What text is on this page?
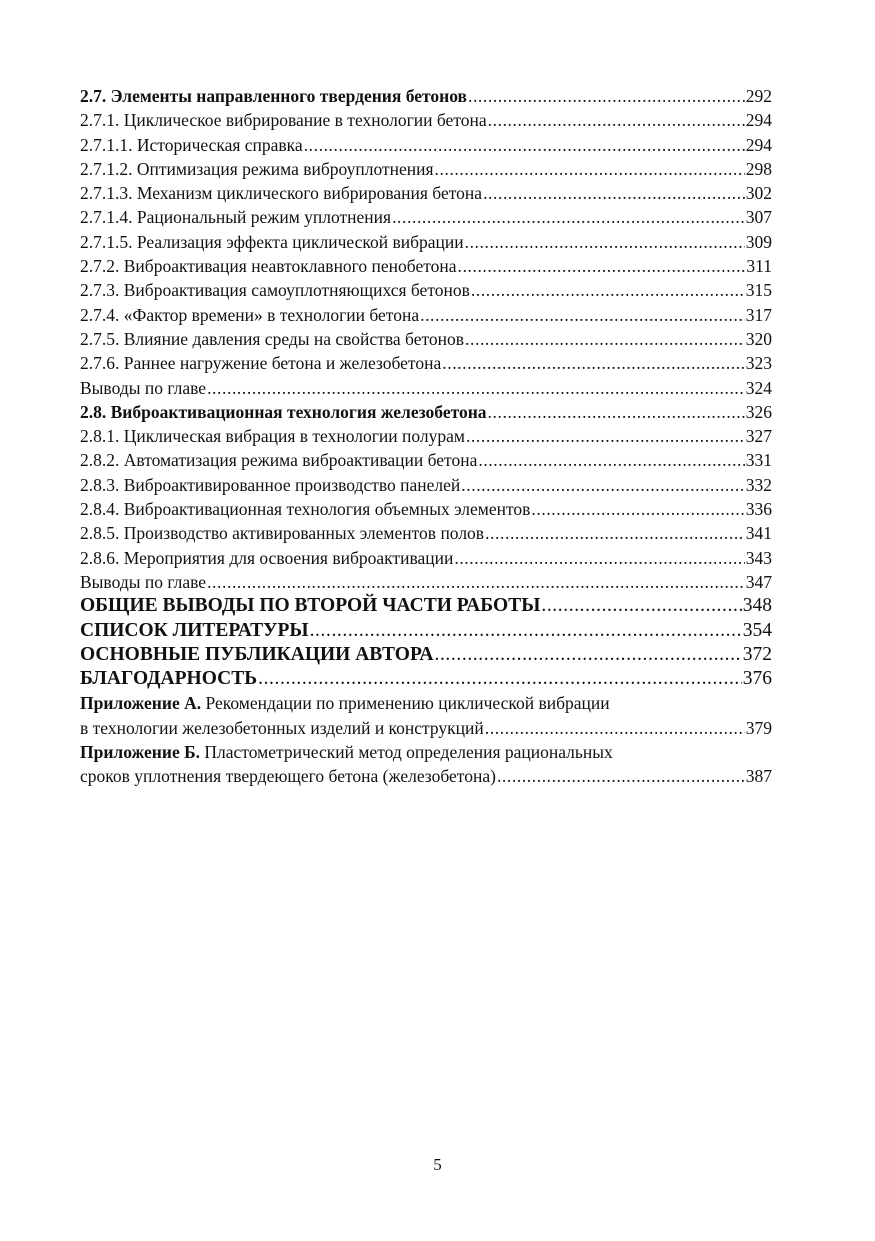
2.7. Элементы направленного твердения бетонов .....	292
2.7.1. Циклическое вибрирование в технологии бетона .....	294
2.7.1.1. Историческая справка .....	294
2.7.1.2. Оптимизация режима виброуплотнения .....	298
2.7.1.3. Механизм циклического вибрирования бетона .....	302
2.7.1.4. Рациональный режим уплотнения .....	307
2.7.1.5. Реализация эффекта циклической вибрации .....	309
2.7.2. Виброактивация неавтоклавного пенобетона .....	311
2.7.3. Виброактивация самоуплотняющихся бетонов .....	315
2.7.4. «Фактор времени» в технологии бетона .....	317
2.7.5. Влияние давления среды на свойства бетонов .....	320
2.7.6. Раннее нагружение бетона и железобетона .....	323
Выводы по главе .....	324
2.8. Виброактивационная технология железобетона .....	326
2.8.1. Циклическая вибрация в технологии полурам .....	327
2.8.2. Автоматизация режима виброактивации бетона .....	331
2.8.3. Виброактивированное производство панелей .....	332
2.8.4. Виброактивационная технология объемных элементов .....	336
2.8.5. Производство активированных элементов полов .....	341
2.8.6. Мероприятия для освоения виброактивации .....	343
Выводы по главе .....	347
ОБЩИЕ ВЫВОДЫ ПО ВТОРОЙ ЧАСТИ РАБОТЫ .....	348
СПИСОК ЛИТЕРАТУРЫ .....	354
ОСНОВНЫЕ ПУБЛИКАЦИИ АВТОРА .....	372
БЛАГОДАРНОСТЬ .....	376
Приложение А. Рекомендации по применению циклической вибрации
в технологии железобетонных изделий и конструкций .....	379
Приложение Б. Пластометрический метод определения рациональных
сроков уплотнения твердеющего бетона (железобетона) .....	387
5
